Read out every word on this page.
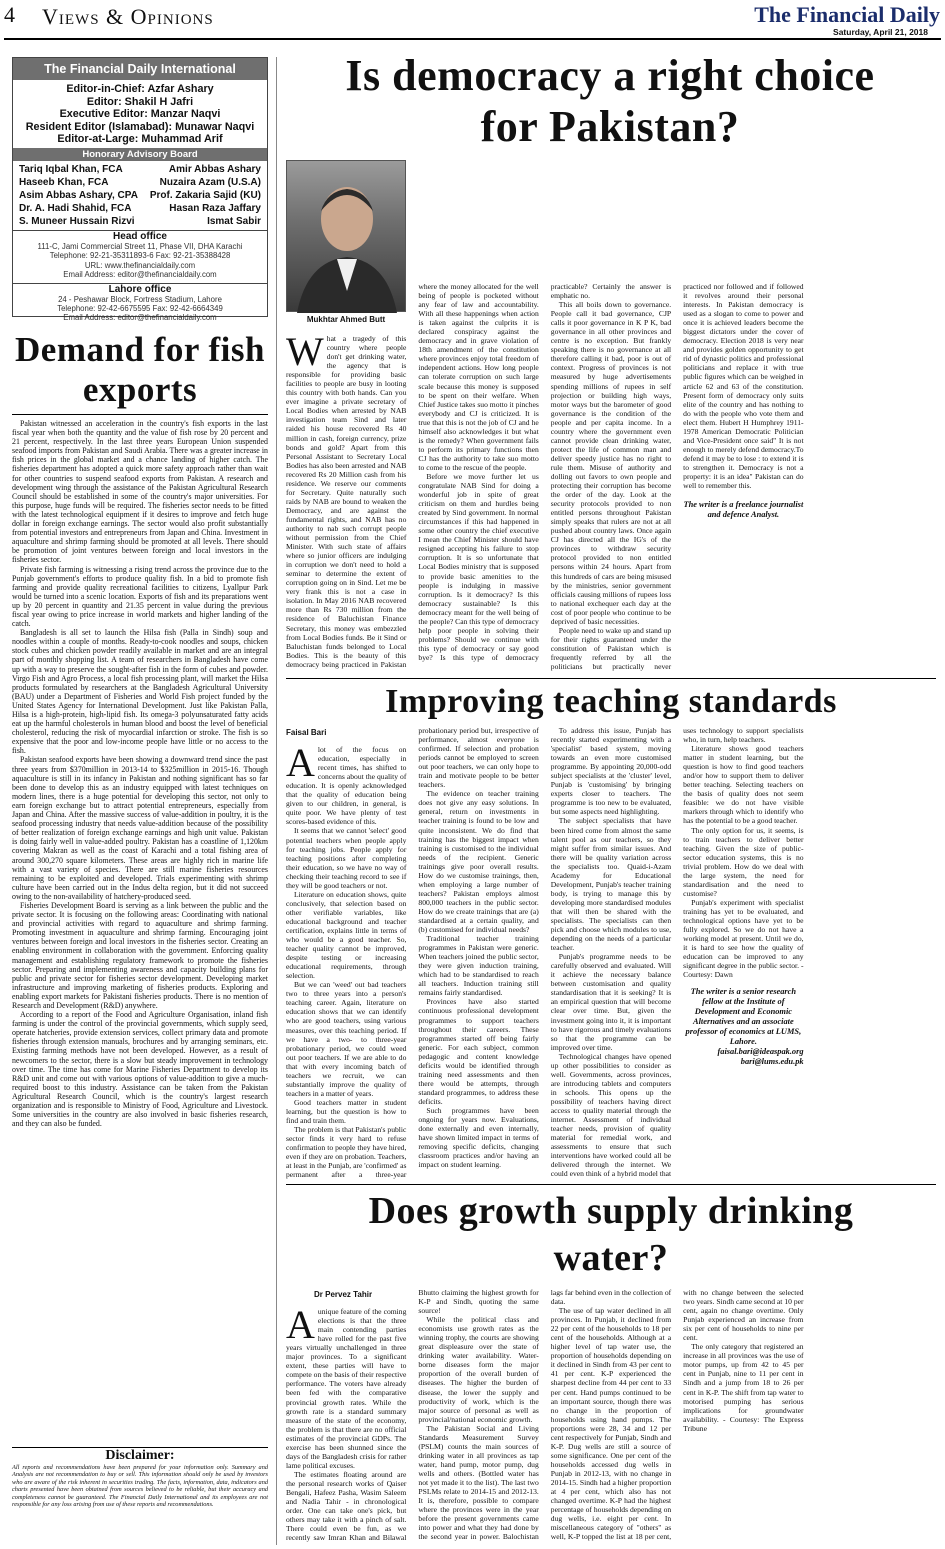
4 Views & Opinions	The Financial Daily
Saturday, April 21, 2018
The Financial Daily International
Editor-in-Chief: Azfar Ashary
Editor: Shakil H Jafri
Executive Editor: Manzar Naqvi
Resident Editor (Islamabad): Munawar Naqvi
Editor-at-Large: Muhammad Arif
Honorary Advisory Board
Tariq Iqbal Khan, FCA	Amir Abbas Ashary
Haseeb Khan, FCA	Nuzaira Azam (U.S.A)
Asim Abbas Ashary, CPA Prof. Zakaria Sajid (KU)
Dr. A. Hadi Shahid, FCA	Hasan Raza Jaffary
S. Muneer Hussain Rizvi	Ismat Sabir
Head office
111-C, Jami Commercial Street 11, Phase VII, DHA Karachi
Telephone: 92-21-35311893-6 Fax: 92-21-35388428
URL: www.thefinancialdaily.com
Email Address: editor@thefinancialdaily.com
Lahore office
24 - Peshawar Block, Fortress Stadium, Lahore
Telephone: 92-42-6675595 Fax: 92-42-6664349
Email Address: editor@thefinancialdaily.com
Demand for fish exports

Pakistan witnessed an acceleration in the country's fish exports in the last fiscal year when both the quantity and the value of fish rose by 20 percent and 21 percent, respectively. In the last three years European Union suspended seafood imports from Pakistan and Saudi Arabia. There was a greater increase in fish prices in the global market and a chance landing of higher catch. The fisheries department has adopted a quick more safety approach rather than wait for other countries to suspend seafood exports from Pakistan. A research and development wing through the assistance of the Pakistan Agricultural Research Council should be established in some of the country's major universities. For this purpose, huge funds will be required. The fisheries sector needs to be fitted with the latest technological equipment if it desires to improve and fetch huge dollar in foreign exchange earnings. The sector would also profit substantially from potential investors and entrepreneurs from Japan and China. Investment in aquaculture and shrimp farming should be promoted at all levels. There should be promotion of joint ventures between foreign and local investors in the fisheries sector.

Private fish farming is witnessing a rising trend across the province due to the Punjab government's efforts to produce quality fish. In a bid to promote fish farming and provide quality recreational facilities to citizens, Lyallpur Park would be turned into a scenic location. Exports of fish and its preparations went up by 20 percent in quantity and 21.35 percent in value during the previous fiscal year owing to price increase in world markets and higher landing of the catch.

Bangladesh is all set to launch the Hilsa fish (Palla in Sindh) soup and noodles within a couple of months. Ready-to-cook noodles and soups, chicken stock cubes and chicken powder readily available in market and are an integral part of monthly shopping list. A team of researchers in Bangladesh have come up with a way to preserve the sought-after fish in the form of cubes and powder. Virgo Fish and Agro Process, a local fish processing plant, will market the Hilsa products formulated by researchers at the Bangladesh Agricultural University (BAU) under a Department of Fisheries and World Fish project funded by the United States Agency for International Development. Just like Pakistan Palla, Hilsa is a high-protein, high-lipid fish. Its omega-3 polyunsaturated fatty acids eat up the harmful cholesterols in human blood and boost the level of beneficial cholesterol, reducing the risk of myocardial infarction or stroke. The fish is so expensive that the poor and low-income people have little or no access to the fish.

Pakistan seafood exports have been showing a downward trend since the past three years from $370million in 2013-14 to $325million in 2015-16. Though aquaculture is still in its infancy in Pakistan and nothing significant has so far been done to develop this as an industry equipped with latest techniques on modern lines, there is a huge potential for developing this sector, not only to earn foreign exchange but to attract potential entrepreneurs, especially from Japan and China. After the massive success of value-addition in poultry, it is the seafood processing industry that needs value-addition because of the possibility of better realization of foreign exchange earnings and high unit value. Pakistan is doing fairly well in value-added poultry. Pakistan has a coastline of 1,120km covering Makran as well as the coast of Karachi and a total fishing area of around 300,270 square kilometers. These areas are highly rich in marine life with a vast variety of species. There are still marine fisheries resources remaining to be exploited and developed. Trials experimenting with shrimp culture have been carried out in the Indus delta region, but it did not succeed owing to the non-availability of hatchery-produced seed.

Fisheries Development Board is serving as a link between the public and the private sector. It is focusing on the following areas: Coordinating with national and provincial activities with regard to aquaculture and shrimp farming. Promoting investment in aquaculture and shrimp farming. Encouraging joint ventures between foreign and local investors in the fisheries sector. Creating an enabling environment in collaboration with the government. Enforcing quality management and establishing regulatory framework to promote the fisheries sector. Preparing and implementing awareness and capacity building plans for public and private sector for fisheries sector development. Developing market infrastructure and improving marketing of fisheries products. Exploring and enabling export markets for Pakistani fisheries products. There is no mention of Research and Development (R&D) anywhere.

According to a report of the Food and Agriculture Organisation, inland fish farming is under the control of the provincial governments, which supply seed, operate hatcheries, provide extension services, collect primary data and promote fisheries through extension manuals, brochures and by arranging seminars, etc. Existing farming methods have not been developed. However, as a result of newcomers to the sector, there is a slow but steady improvement in technology over time. The time has come for Marine Fisheries Department to develop its R&D unit and come out with various options of value-addition to give a much-required boost to this industry. Assistance can be taken from the Pakistan Agricultural Research Council, which is the country's largest research organization and is responsible to Ministry of Food, Agriculture and Livestock. Some universities in the country are also involved in basic fisheries research, and they can also be funded.

Disclaimer:
All reports and recommendations have been prepared for your information only. Summary and Analysis are not recommendation to buy or sell. This information should only be used by investors who are aware of the risk inherent in securities trading. The facts, information, data, indicators and charts presented have been obtained from sources believed to be reliable, but their accuracy and completeness cannot be guaranteed. The Financial Daily International and its employees are not responsible for any loss arising from use of these reports and recommendations.
Is democracy a right choice for Pakistan?
Mukhtar Ahmed Butt

What a tragedy of this country where people don't get drinking water, the agency that is responsible for providing basic facilities to people are busy in looting this country with both hands. Can you ever imagine a private secretary of Local Bodies when arrested by NAB investigation team Sind and later raided his house recovered Rs 40 million in cash, foreign currency, prize bonds and gold? Apart from this Personal Assistant to Secretary Local Bodies has also been arrested and NAB recovered Rs 20 Million cash from his residence. We reserve our comments for Secretary. Quite naturally such raids by NAB are bound to weaken the Democracy, and are against the fundamental rights, and NAB has no authority to nab such corrupt people without permission from the Chief Minister. With such state of affairs where so junior officers are indulging in corruption we don't need to hold a seminar to determine the extent of corruption going on in Sind. Let me be very frank this is not a case in isolation. In May 2016 NAB recovered more than Rs 730 million from the residence of Baluchistan Finance Secretary, this money was embezzled from Local Bodies funds. Be it Sind or Baluchistan funds belonged to Local Bodies. This is the beauty of this democracy being practiced in Pakistan where the money allocated for the well being of people is pocketed without any fear of law and accountability. With all these happenings when action is taken against the culprits it is declared conspiracy against the democracy and in grave violation of 18th amendment of the constitution where provinces enjoy total freedom of independent actions. How long people can tolerate corruption on such large scale because this money is supposed to be spent on their welfare. When Chief Justice takes suo motto it pinches everybody and CJ is criticized. It is true that this is not the job of CJ and he himself also acknowledges it but what is the remedy? When government fails to perform its primary functions then CJ has the authority to take suo motto to come to the rescue of the people.

Before we move further let us congratulate NAB Sind for doing a wonderful job in spite of great criticism on them and hurdles being created by Sind government. In normal circumstances if this had happened in some other country the chief executive I mean the Chief Minister should have resigned accepting his failure to stop corruption. It is so unfortunate that Local Bodies ministry that is supposed to provide basic amenities to the people is indulging in massive corruption. Is it democracy? Is this democracy sustainable? Is this democracy meant for the well being of the people? Can this type of democracy help poor people in solving their problems? Should we continue with this type of democracy or say good bye? Is this type of democracy practicable? Certainly the answer is emphatic no.

This all boils down to governance. People call it bad governance, CJP calls it poor governance in K P K, bad governance in all other provinces and centre is no exception. But frankly speaking there is no governance at all therefore calling it bad, poor is out of context. Progress of provinces is not measured by huge advertisements spending millions of rupees in self projection or building high ways, motor ways but the barometer of good governance is the condition of the people and per capita income. In a country where the government even cannot provide clean drinking water, protect the life of common man and deliver speedy justice has no right to rule them. Misuse of authority and dolling out favors to own people and protecting their corruption has become the order of the day. Look at the security protocols provided to non entitled persons throughout Pakistan simply speaks that rulers are not at all pushed about country laws. Once again CJ has directed all the IG's of the provinces to withdraw security protocol provided to non entitled persons within 24 hours. Apart from this hundreds of cars are being misused by the ministries, senior government officials causing millions of rupees loss to national exchequer each day at the cost of poor people who continue to be deprived of basic necessities.

People need to wake up and stand up for their rights guaranteed under the constitution of Pakistan which is frequently referred by all the politicians but practically never practiced nor followed and if followed it revolves around their personal interests. In Pakistan democracy is used as a slogan to come to power and once it is achieved leaders become the biggest dictators under the cover of democracy. Election 2018 is very near and provides golden opportunity to get rid of dynastic politics and professional politicians and replace it with true public figures which can be weighed in article 62 and 63 of the constitution. Present form of democracy only suits elite of the country and has nothing to do with the people who vote them and elect them. Hubert H Humphrey 1911-1978 American Democratic Politician and Vice-President once said" It is not enough to merely defend democracy.To defend it may be to lose : to extend it is to strengthen it. Democracy is not a property: it is an idea" Pakistan can do well to remember this.

The writer is a freelance journalist and defence Analyst.

Improving teaching standards
Faisal Bari

A lot of the focus on education, especially in recent times, has shifted to concerns about the quality of education. It is openly acknowledged that the quality of education being given to our children, in general, is quite poor. We have plenty of test scores-based evidence of this.

It seems that we cannot 'select' good potential teachers when people apply for teaching jobs. People apply for teaching positions after completing their education, so we have no way of checking their teaching record to see if they will be good teachers or not.

Literature on education shows, quite conclusively, that selection based on other verifiable variables, like educational background and teacher certification, explains little in terms of who would be a good teacher. So, teacher quality cannot be improved, despite testing or increasing educational requirements, through selection.

But we can 'weed' out bad teachers two to three years into a person's teaching career. Again, literature on education shows that we can identify who are good teachers, using various measures, over this teaching period. If we have a two- to three-year probationary period, we could weed out poor teachers. If we are able to do that with every incoming batch of teachers we recruit, we can substantially improve the quality of teachers in a matter of years.

Good teachers matter in student learning, but the question is how to find and train them.

The problem is that Pakistan's public sector finds it very hard to refuse confirmation to people they have hired, even if they are on probation. Teachers, at least in the Punjab, are 'confirmed' as permanent after a three-year probationary period but, irrespective of performance, almost everyone is confirmed. If selection and probation periods cannot be employed to screen out poor teachers, we can only hope to train and motivate people to be better teachers.

The evidence on teacher training does not give any easy solutions. In general, return on investments in teacher training is found to be low and quite inconsistent. We do find that training has the biggest impact when training is customised to the individual needs of the recipient. Generic trainings give poor overall results. How do we customise trainings, then, when employing a large number of teachers? Pakistan employs almost 800,000 teachers in the public sector. How do we create trainings that are (a) standardised at a certain quality, and (b) customised for individual needs?

Traditional teacher training programmes in Pakistan were generic. When teachers joined the public sector, they were given induction training, which had to be standardised to reach all teachers. Induction training still remains fairly standardised.

Provinces have also started continuous professional development programmes to support teachers throughout their careers. These programmes started off being fairly generic. For each subject, common pedagogic and content knowledge deficits would be identified through training need assessments and then there would be attempts, through standard programmes, to address these deficits.

Such programmes have been ongoing for years now. Evaluations, done externally and even internally, have shown limited impact in terms of removing specific deficits, changing classroom practices and/or having an impact on student learning.

To address this issue, Punjab has recently started experimenting with a 'specialist' based system, moving towards an even more customised programme. By appointing 20,000-odd subject specialists at the 'cluster' level, Punjab is 'customising' by bringing experts closer to teachers. The programme is too new to be evaluated, but some aspects need highlighting.

The subject specialists that have been hired come from almost the same talent pool as our teachers, so they might suffer from similar issues. And there will be quality variation across the specialists too. Quaid-i-Azam Academy for Educational Development, Punjab's teacher training body, is trying to manage this by developing more standardised modules that will then be shared with the specialists. The specialists can then pick and choose which modules to use, depending on the needs of a particular teacher.

Punjab's programme needs to be carefully observed and evaluated. Will it achieve the necessary balance between customisation and quality standardisation that it is seeking? It is an empirical question that will become clear over time. But, given the investment going into it, it is important to have rigorous and timely evaluations so that the programme can be improved over time.

Technological changes have opened up other possibilities to consider as well. Governments, across provinces, are introducing tablets and computers in schools. This opens up the possibility of teachers having direct access to quality material through the internet. Assessment of individual teacher needs, provision of quality material for remedial work, and assessments to ensure that such interventions have worked could all be delivered through the internet. We could even think of a hybrid model that uses technology to support specialists who, in turn, help teachers.

Literature shows good teachers matter in student learning, but the question is how to find good teachers and/or how to support them to deliver better teaching. Selecting teachers on the basis of quality does not seem feasible: we do not have visible markers through which to identify who has the potential to be a good teacher.

The only option for us, it seems, is to train teachers to deliver better teaching. Given the size of public-sector education systems, this is no trivial problem. How do we deal with the large system, the need for standardisation and the need to customise?

Punjab's experiment with specialist training has yet to be evaluated, and technological options have yet to be fully explored. So we do not have a working model at present. Until we do, it is hard to see how the quality of education can be improved to any significant degree in the public sector. - Courtesy: Dawn

The writer is a senior research fellow at the Institute of Development and Economic Alternatives and an associate professor of economics at LUMS, Lahore.

faisal.bari@ideaspak.org bari@lums.edu.pk

Does growth supply drinking water?
Dr Pervez Tahir

A unique feature of the coming elections is that the three main contending parties have rolled for the past five years virtually unchallenged in three major provinces. To a significant extent, these parties will have to compete on the basis of their respective performance. The voters have already been fed with the comparative provincial growth rates. While the growth rate is a standard summary measure of the state of the economy, the problem is that there are no official estimates of the provincial GDPs. The exercise has been shunned since the days of the Bangladesh crisis for rather lame political excuses.

The estimates floating around are the personal research works of Qaiser Bengali, Hafeez Pasha, Wasim Saleem and Nadia Tahir - in chronological order. One can take one's pick, but others may take it with a pinch of salt. There could even be fun, as we recently saw Imran Khan and Bilawal Bhutto claiming the highest growth for K-P and Sindh, quoting the same source!

While the political class and economists use growth rates as the winning trophy, the courts are showing great displeasure over the state of drinking water availability. Water-borne diseases form the major proportion of the overall burden of diseases. The higher the burden of disease, the lower the supply and productivity of work, which is the major source of personal as well as provincial/national economic growth.

The Pakistan Social and Living Standards Measurement Survey (PSLM) counts the main sources of drinking water in all provinces as tap water, hand pump, motor pump, dug wells and others. (Bottled water has not yet made it to the list). The last two PSLMs relate to 2014-15 and 2012-13. It is, therefore, possible to compare where the provinces were in the year before the present governments came into power and what they had done by the second year in power. Balochistan lags far behind even in the collection of data.

The use of tap water declined in all provinces. In Punjab, it declined from 22 per cent of the households to 18 per cent of the households. Although at a higher level of tap water use, the proportion of households depending on it declined in Sindh from 43 per cent to 41 per cent. K-P experienced the sharpest decline from 44 per cent to 33 per cent. Hand pumps continued to be an important source, though there was no change in the proportion of households using hand pumps. The proportions were 28, 34 and 12 per cent respectively for Punjab, Sindh and K-P. Dug wells are still a source of some significance. One per cent of the households accessed dug wells in Punjab in 2012-13, with no change in 2014-15. Sindh had a higher proportion at 4 per cent, which also has not changed overtime. K-P had the highest percentage of households depending on dug wells, i.e. eight per cent. In miscellaneous category of "others" as well, K-P topped the list at 18 per cent, with no change between the selected two years. Sindh came second at 10 per cent, again no change overtime. Only Punjab experienced an increase from six per cent of households to nine per cent.

The only category that registered an increase in all provinces was the use of motor pumps, up from 42 to 45 per cent in Punjab, nine to 11 per cent in Sindh and a jump from 18 to 26 per cent in K-P. The shift from tap water to motorised pumping has serious implications for groundwater availability. - Courtesy: The Express Tribune
